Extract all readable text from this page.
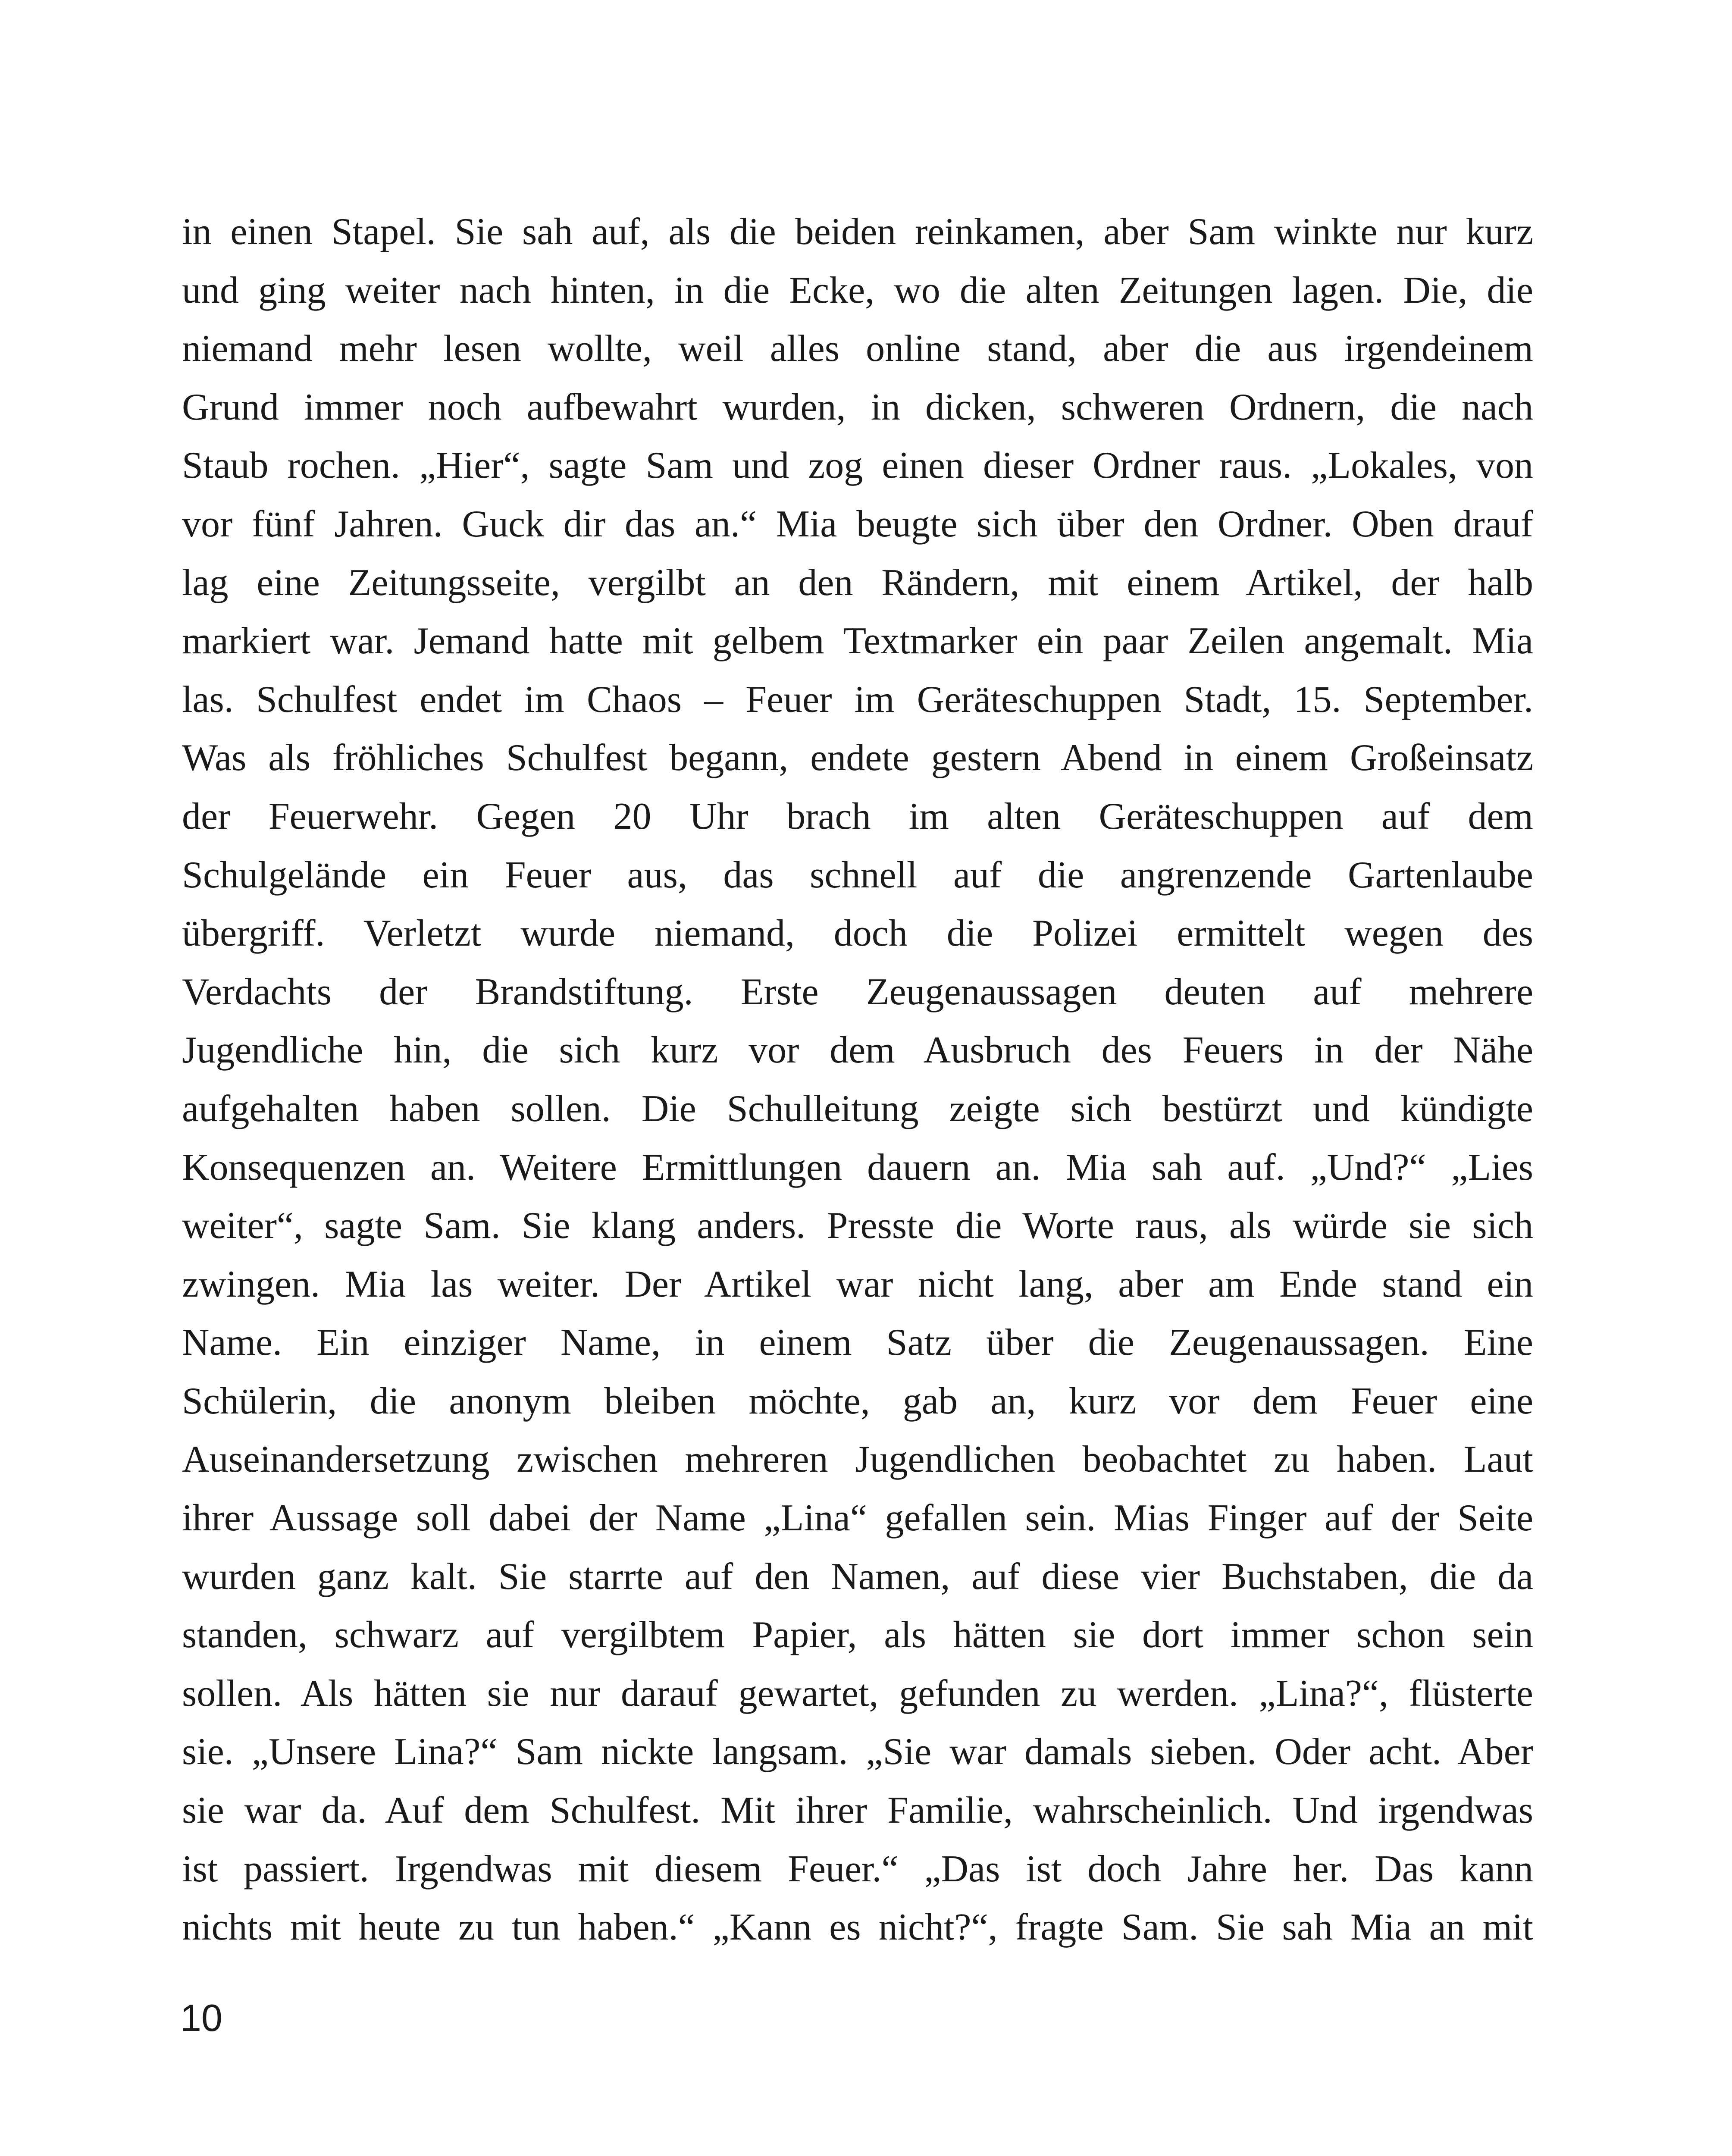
in einen Stapel. Sie sah auf, als die beiden reinkamen, aber Sam winkte nur kurz
und ging weiter nach hinten, in die Ecke, wo die alten Zeitungen lagen. Die, die
niemand mehr lesen wollte, weil alles online stand, aber die aus irgendeinem
Grund immer noch aufbewahrt wurden, in dicken, schweren Ordnern, die nach
Staub rochen. „Hier“, sagte Sam und zog einen dieser Ordner raus. „Lokales, von
vor fünf Jahren. Guck dir das an.“ Mia beugte sich über den Ordner. Oben drauf
lag eine Zeitungsseite, vergilbt an den Rändern, mit einem Artikel, der halb
markiert war. Jemand hatte mit gelbem Textmarker ein paar Zeilen angemalt. Mia
las. Schulfest endet im Chaos – Feuer im Geräteschuppen Stadt, 15. September.
Was als fröhliches Schulfest begann, endete gestern Abend in einem Großeinsatz
der Feuerwehr. Gegen 20 Uhr brach im alten Geräteschuppen auf dem
Schulgelände ein Feuer aus, das schnell auf die angrenzende Gartenlaube
übergriff. Verletzt wurde niemand, doch die Polizei ermittelt wegen des
Verdachts der Brandstiftung. Erste Zeugenaussagen deuten auf mehrere
Jugendliche hin, die sich kurz vor dem Ausbruch des Feuers in der Nähe
aufgehalten haben sollen. Die Schulleitung zeigte sich bestürzt und kündigte
Konsequenzen an. Weitere Ermittlungen dauern an. Mia sah auf. „Und?“ „Lies
weiter“, sagte Sam. Sie klang anders. Presste die Worte raus, als würde sie sich
zwingen. Mia las weiter. Der Artikel war nicht lang, aber am Ende stand ein
Name. Ein einziger Name, in einem Satz über die Zeugenaussagen. Eine
Schülerin, die anonym bleiben möchte, gab an, kurz vor dem Feuer eine
Auseinandersetzung zwischen mehreren Jugendlichen beobachtet zu haben. Laut
ihrer Aussage soll dabei der Name „Lina“ gefallen sein. Mias Finger auf der Seite
wurden ganz kalt. Sie starrte auf den Namen, auf diese vier Buchstaben, die da
standen, schwarz auf vergilbtem Papier, als hätten sie dort immer schon sein
sollen. Als hätten sie nur darauf gewartet, gefunden zu werden. „Lina?“, flüsterte
sie. „Unsere Lina?“ Sam nickte langsam. „Sie war damals sieben. Oder acht. Aber
sie war da. Auf dem Schulfest. Mit ihrer Familie, wahrscheinlich. Und irgendwas
ist passiert. Irgendwas mit diesem Feuer.“ „Das ist doch Jahre her. Das kann
nichts mit heute zu tun haben.“ „Kann es nicht?“, fragte Sam. Sie sah Mia an mit
10
